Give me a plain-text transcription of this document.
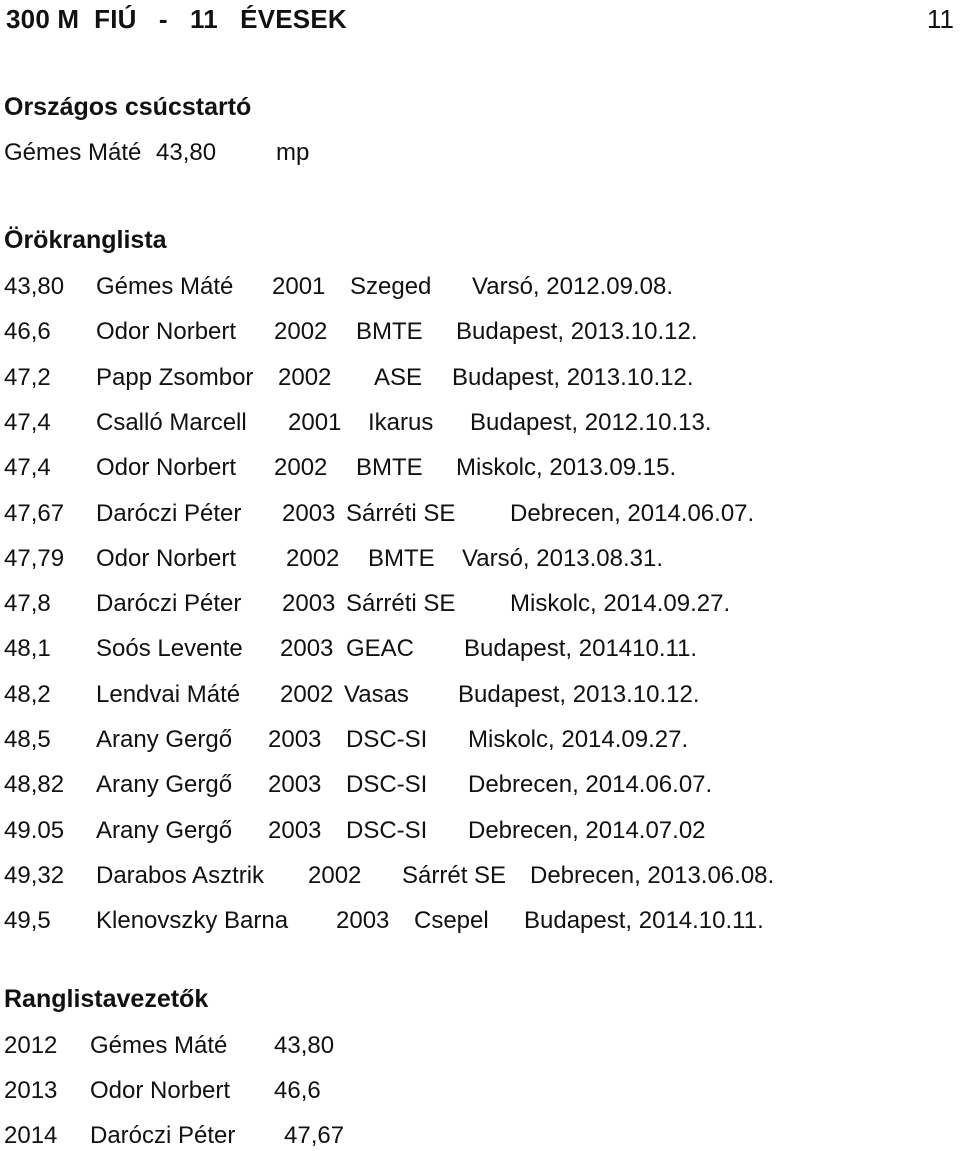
300 M  FIÚ   -   11   ÉVESEK	11
Országos csúcstartó

Gémes Máté

43,80

mp

Örökranglista
43,80 Gémes Máté 2001 Szeged Varsó, 2012.09.08.
46,6 Odor Norbert 2002 BMTE Budapest, 2013.10.12.
47,2 Papp Zsombor 2002 ASE Budapest, 2013.10.12.
47,4 Csalló Marcell 2001 Ikarus Budapest, 2012.10.13.
47,4 Odor Norbert 2002 BMTE Miskolc, 2013.09.15.
47,67 Daróczi Péter 2003 Sárréti SE Debrecen, 2014.06.07.
47,79 Odor Norbert 2002 BMTE Varsó, 2013.08.31.
47,8 Daróczi Péter 2003 Sárréti SE Miskolc, 2014.09.27.
48,1 Soós Levente 2003 GEAC Budapest, 201410.11.
48,2 Lendvai Máté 2002 Vasas Budapest, 2013.10.12.
48,5 Arany Gergő 2003 DSC-SI Miskolc, 2014.09.27.
48,82 Arany Gergő 2003 DSC-SI Debrecen, 2014.06.07.
49.05 Arany Gergő 2003 DSC-SI Debrecen, 2014.07.02
49,32 Darabos Asztrik 2002 Sárrét SE Debrecen, 2013.06.08.
49,5 Klenovszky Barna 2003 Csepel Budapest, 2014.10.11.
Ranglistavezetők
2012 Gémes Máté 43,80
2013 Odor Norbert 46,6
2014 Daróczi Péter 47,67
